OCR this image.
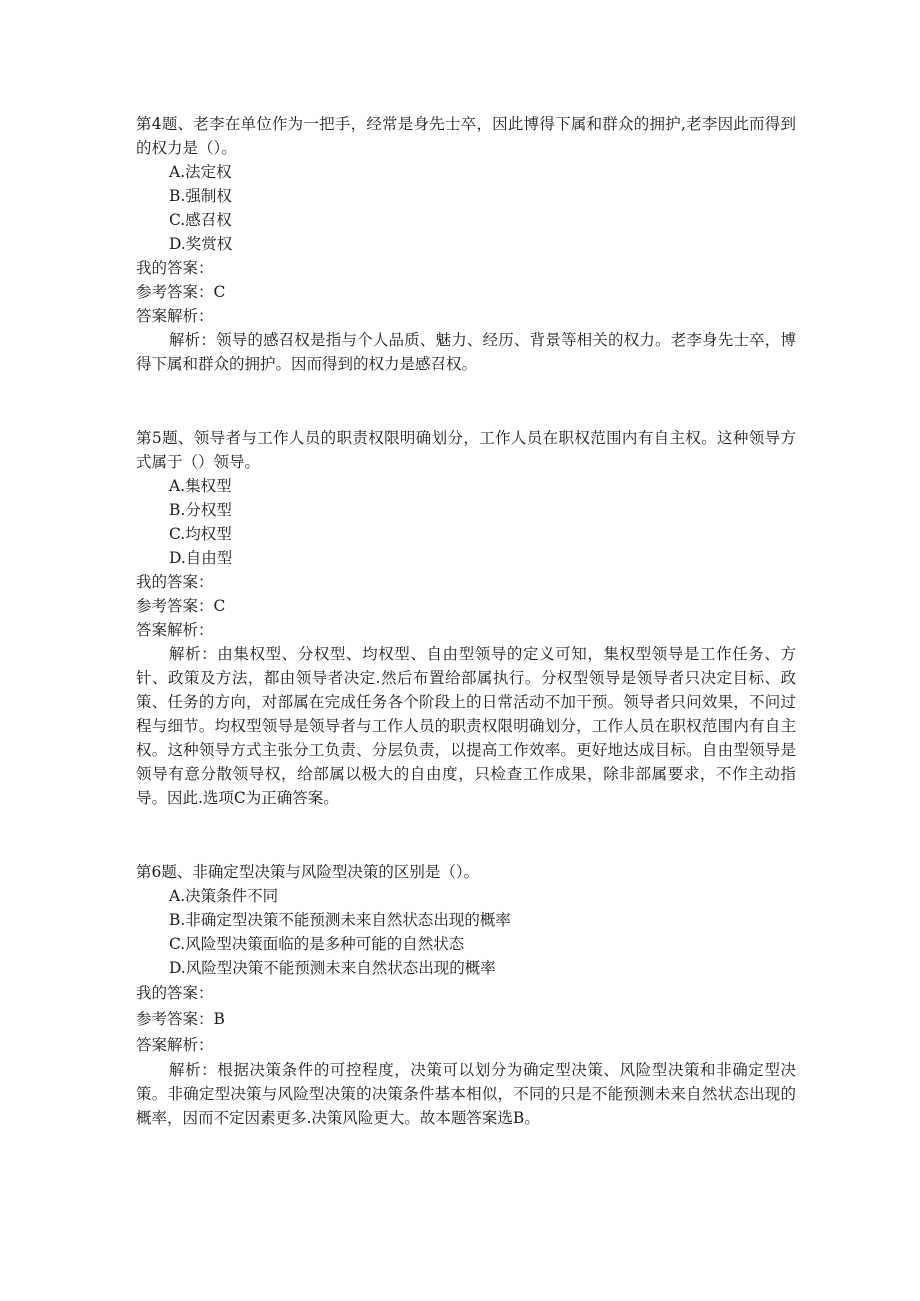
第4题、老李在单位作为一把手，经常是身先士卒，因此博得下属和群众的拥护,老李因此而得到的权力是（）。

A.法定权
B.强制权
C.感召权
D.奖赏权

我的答案：

参考答案：C

答案解析：

解析：领导的感召权是指与个人品质、魅力、经历、背景等相关的权力。老李身先士卒，博得下属和群众的拥护。因而得到的权力是感召权。

第5题、领导者与工作人员的职责权限明确划分，工作人员在职权范围内有自主权。这种领导方式属于（）领导。

A.集权型
B.分权型
C.均权型
D.自由型

我的答案：

参考答案：C

答案解析：

解析：由集权型、分权型、均权型、自由型领导的定义可知，集权型领导是工作任务、方针、政策及方法，都由领导者决定.然后布置给部属执行。分权型领导是领导者只决定目标、政策、任务的方向，对部属在完成任务各个阶段上的日常活动不加干预。领导者只问效果，不问过程与细节。均权型领导是领导者与工作人员的职责权限明确划分，工作人员在职权范围内有自主权。这种领导方式主张分工负责、分层负责，以提高工作效率。更好地达成目标。自由型领导是领导有意分散领导权，给部属以极大的自由度，只检查工作成果，除非部属要求，不作主动指导。因此.选项C为正确答案。

第6题、非确定型决策与风险型决策的区别是（）。

A.决策条件不同
B.非确定型决策不能预测未来自然状态出现的概率
C.风险型决策面临的是多种可能的自然状态
D.风险型决策不能预测未来自然状态出现的概率

我的答案：

参考答案：B

答案解析：

解析：根据决策条件的可控程度，决策可以划分为确定型决策、风险型决策和非确定型决策。非确定型决策与风险型决策的决策条件基本相似，不同的只是不能预测未来自然状态出现的概率，因而不定因素更多.决策风险更大。故本题答案选B。
